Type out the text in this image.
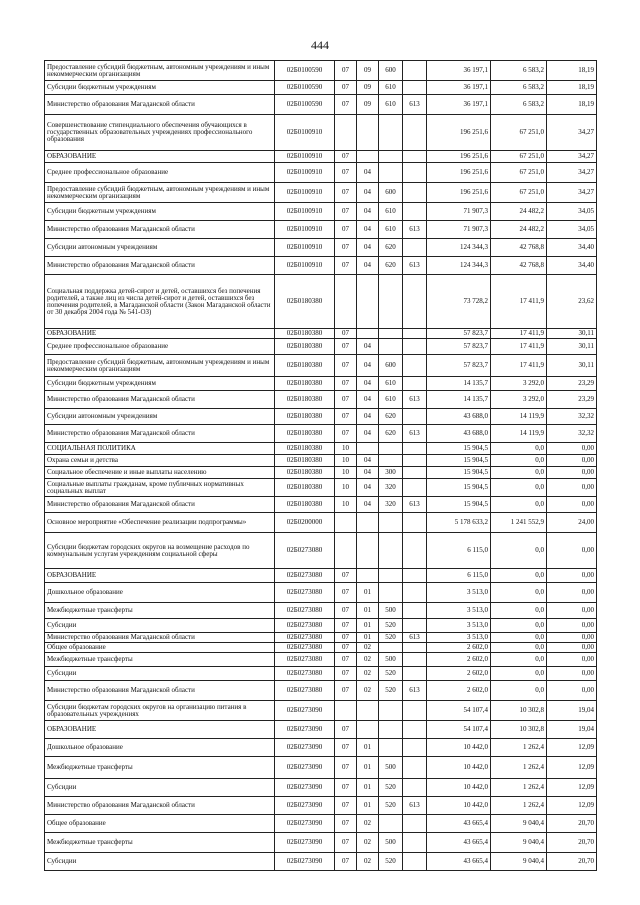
444
Предоставление субсидий бюджетным, автономным учреждениям и иным некоммерческим организациям	02Б0100590	07	09	600		36 197,1	6 583,2	18,19
Субсидии бюджетным учреждениям	02Б0100590	07	09	610		36 197,1	6 583,2	18,19
Министерство образования Магаданской области	02Б0100590	07	09	610	613	36 197,1	6 583,2	18,19
Совершенствование стипендиального обеспечения обучающихся в государственных образовательных учреждениях профессионального образования	02Б0100910					196 251,6	67 251,0	34,27
ОБРАЗОВАНИЕ	02Б0100910	07				196 251,6	67 251,0	34,27
Среднее профессиональное образование	02Б0100910	07	04			196 251,6	67 251,0	34,27
Предоставление субсидий бюджетным, автономным учреждениям и иным некоммерческим организациям	02Б0100910	07	04	600		196 251,6	67 251,0	34,27
Субсидии бюджетным учреждениям	02Б0100910	07	04	610		71 907,3	24 482,2	34,05
Министерство образования Магаданской области	02Б0100910	07	04	610	613	71 907,3	24 482,2	34,05
Субсидии автономным учреждениям	02Б0100910	07	04	620		124 344,3	42 768,8	34,40
Министерство образования Магаданской области	02Б0100910	07	04	620	613	124 344,3	42 768,8	34,40
Социальная поддержка детей-сирот и детей, оставшихся без попечения родителей, а также лиц из числа детей-сирот и детей, оставшихся без попечения родителей, в Магаданской области (Закон Магаданской области от 30 декабря 2004 года № 541-ОЗ)	02Б0180380					73 728,2	17 411,9	23,62
ОБРАЗОВАНИЕ	02Б0180380	07				57 823,7	17 411,9	30,11
Среднее профессиональное образование	02Б0180380	07	04			57 823,7	17 411,9	30,11
Предоставление субсидий бюджетным, автономным учреждениям и иным некоммерческим организациям	02Б0180380	07	04	600		57 823,7	17 411,9	30,11
Субсидии бюджетным учреждениям	02Б0180380	07	04	610		14 135,7	3 292,0	23,29
Министерство образования Магаданской области	02Б0180380	07	04	610	613	14 135,7	3 292,0	23,29
Субсидии автономным учреждениям	02Б0180380	07	04	620		43 688,0	14 119,9	32,32
Министерство образования Магаданской области	02Б0180380	07	04	620	613	43 688,0	14 119,9	32,32
СОЦИАЛЬНАЯ ПОЛИТИКА	02Б0180380	10				15 904,5	0,0	0,00
Охрана семьи и детства	02Б0180380	10	04			15 904,5	0,0	0,00
Социальное обеспечение и иные выплаты населению	02Б0180380	10	04	300		15 904,5	0,0	0,00
Социальные выплаты гражданам, кроме публичных нормативных социальных выплат	02Б0180380	10	04	320		15 904,5	0,0	0,00
Министерство образования Магаданской области	02Б0180380	10	04	320	613	15 904,5	0,0	0,00
Основное мероприятие «Обеспечение реализации подпрограммы»	02Б0200000					5 178 633,2	1 241 552,9	24,00
Субсидии бюджетам городских округов на возмещение расходов по коммунальным услугам учреждениям социальной сферы	02Б0273080					6 115,0	0,0	0,00
ОБРАЗОВАНИЕ	02Б0273080	07				6 115,0	0,0	0,00
Дошкольное образование	02Б0273080	07	01			3 513,0	0,0	0,00
Межбюджетные трансферты	02Б0273080	07	01	500		3 513,0	0,0	0,00
Субсидии	02Б0273080	07	01	520		3 513,0	0,0	0,00
Министерство образования Магаданской области	02Б0273080	07	01	520	613	3 513,0	0,0	0,00
Общее образование	02Б0273080	07	02			2 602,0	0,0	0,00
Межбюджетные трансферты	02Б0273080	07	02	500		2 602,0	0,0	0,00
Субсидии	02Б0273080	07	02	520		2 602,0	0,0	0,00
Министерство образования Магаданской области	02Б0273080	07	02	520	613	2 602,0	0,0	0,00
Субсидии бюджетам городских округов на организацию питания в образовательных учреждениях	02Б0273090					54 107,4	10 302,8	19,04
ОБРАЗОВАНИЕ	02Б0273090	07				54 107,4	10 302,8	19,04
Дошкольное образование	02Б0273090	07	01			10 442,0	1 262,4	12,09
Межбюджетные трансферты	02Б0273090	07	01	500		10 442,0	1 262,4	12,09
Субсидии	02Б0273090	07	01	520		10 442,0	1 262,4	12,09
Министерство образования Магаданской области	02Б0273090	07	01	520	613	10 442,0	1 262,4	12,09
Общее образование	02Б0273090	07	02			43 665,4	9 040,4	20,70
Межбюджетные трансферты	02Б0273090	07	02	500		43 665,4	9 040,4	20,70
Субсидии	02Б0273090	07	02	520		43 665,4	9 040,4	20,70
